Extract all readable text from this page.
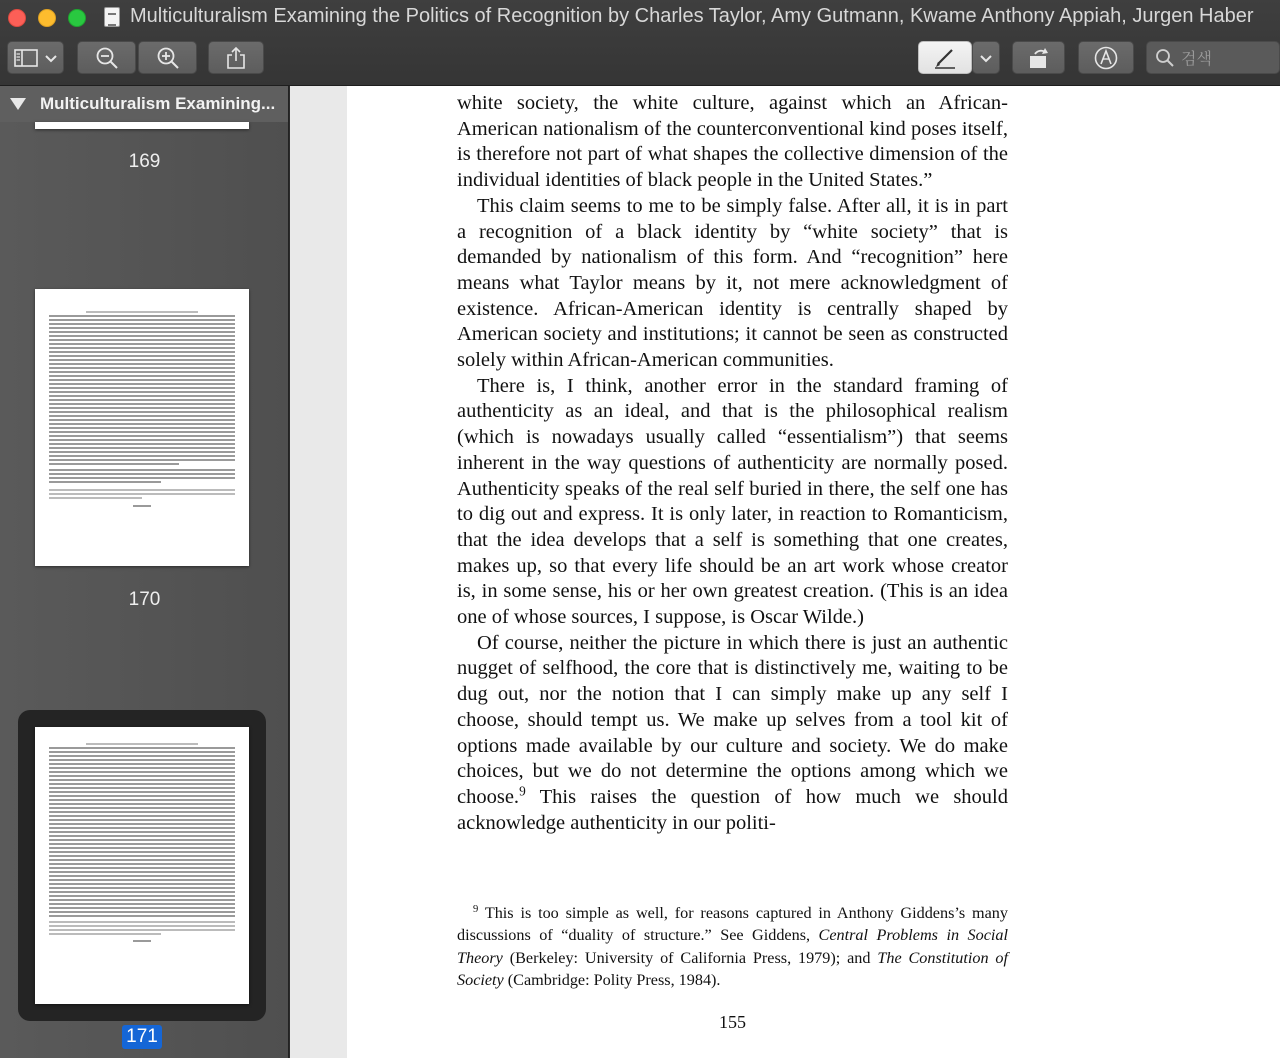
Multiculturalism Examining the Politics of Recognition by Charles Taylor, Amy Gutmann, Kwame Anthony Appiah, Jurgen Haber
검색
Multiculturalism Examining...
169
170
171

white society, the white culture, against which an African-American nationalism of the counterconventional kind poses itself, is therefore not part of what shapes the collective dimension of the individual identities of black people in the United States.”

This claim seems to me to be simply false. After all, it is in part a recognition of a black identity by “white society” that is demanded by nationalism of this form. And “recognition” here means what Taylor means by it, not mere acknowledgment of existence. African-American identity is centrally shaped by American society and institutions; it cannot be seen as constructed solely within African-American communities.

There is, I think, another error in the standard framing of authenticity as an ideal, and that is the philosophical realism (which is nowadays usually called “essentialism”) that seems inherent in the way questions of authenticity are normally posed. Authenticity speaks of the real self buried in there, the self one has to dig out and express. It is only later, in reaction to Romanticism, that the idea develops that a self is something that one creates, makes up, so that every life should be an art work whose creator is, in some sense, his or her own greatest creation. (This is an idea one of whose sources, I suppose, is Oscar Wilde.)

Of course, neither the picture in which there is just an authentic nugget of selfhood, the core that is distinctively me, waiting to be dug out, nor the notion that I can simply make up any self I choose, should tempt us. We make up selves from a tool kit of options made available by our culture and society. We do make choices, but we do not determine the options among which we choose.$^9$ This raises the question of how much we should acknowledge authenticity in our politi-

$^9$ This is too simple as well, for reasons captured in Anthony Giddens’s many discussions of “duality of structure.” See Giddens, Central Problems in Social Theory (Berkeley: University of California Press, 1979); and The Constitution of Society (Cambridge: Polity Press, 1984).

155
